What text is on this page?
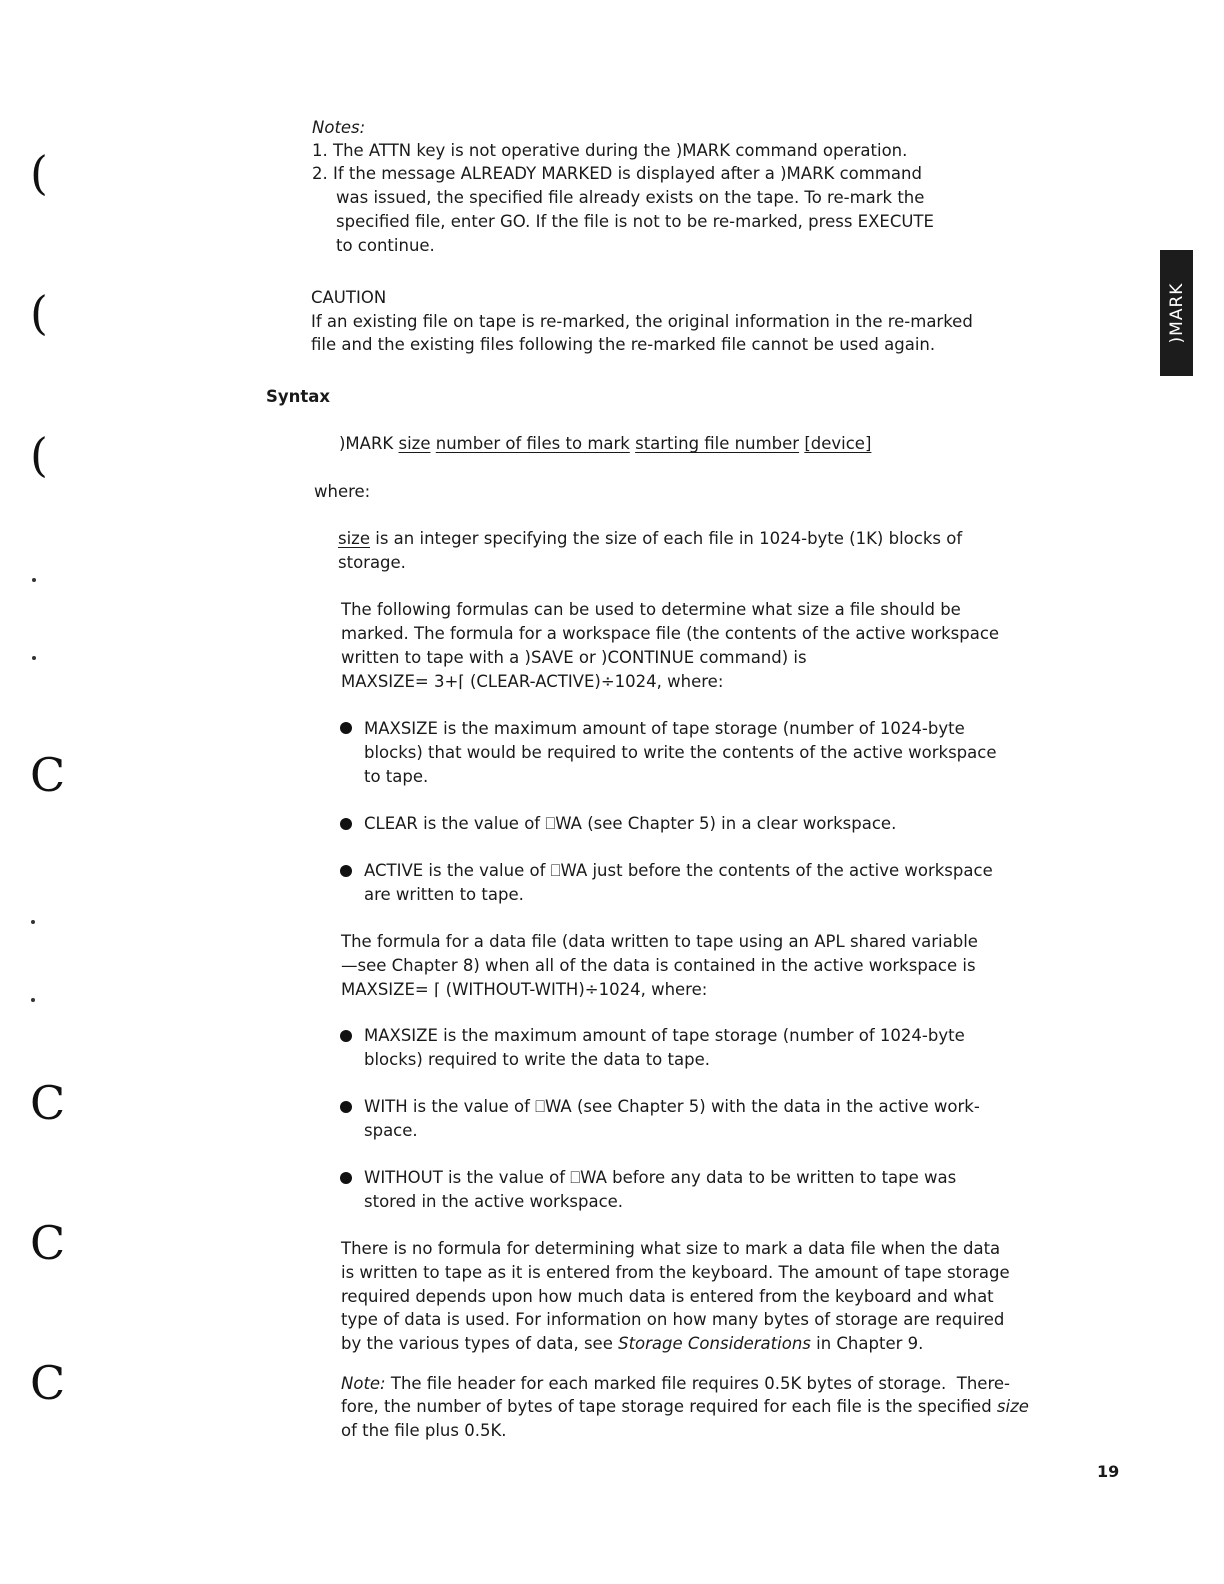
(
(
(
C
C
C
C
)MARK
Notes:
1. The ATTN key is not operative during the )MARK command operation.
2. If the message ALREADY MARKED is displayed after a )MARK command
was issued, the specified file already exists on the tape. To re-mark the
specified file, enter GO. If the file is not to be re-marked, press EXECUTE
to continue.
CAUTION
If an existing file on tape is re-marked, the original information in the re-marked
file and the existing files following the re-marked file cannot be used again.
Syntax
)MARK size number of files to mark starting file number [device]
where:
size is an integer specifying the size of each file in 1024-byte (1K) blocks of
storage.
The following formulas can be used to determine what size a file should be
marked. The formula for a workspace file (the contents of the active workspace
written to tape with a )SAVE or )CONTINUE command) is
MAXSIZE= 3+⌈ (CLEAR-ACTIVE)÷1024, where:
MAXSIZE is the maximum amount of tape storage (number of 1024-byte
blocks) that would be required to write the contents of the active workspace
to tape.
CLEAR is the value of ⎕WA (see Chapter 5) in a clear workspace.
ACTIVE is the value of ⎕WA just before the contents of the active workspace
are written to tape.
The formula for a data file (data written to tape using an APL shared variable
—see Chapter 8) when all of the data is contained in the active workspace is
MAXSIZE= ⌈ (WITHOUT-WITH)÷1024, where:
MAXSIZE is the maximum amount of tape storage (number of 1024-byte
blocks) required to write the data to tape.
WITH is the value of ⎕WA (see Chapter 5) with the data in the active work-
space.
WITHOUT is the value of ⎕WA before any data to be written to tape was
stored in the active workspace.
There is no formula for determining what size to mark a data file when the data
is written to tape as it is entered from the keyboard. The amount of tape storage
required depends upon how much data is entered from the keyboard and what
type of data is used. For information on how many bytes of storage are required
by the various types of data, see Storage Considerations in Chapter 9.
Note: The file header for each marked file requires 0.5K bytes of storage.  There-
fore, the number of bytes of tape storage required for each file is the specified size
of the file plus 0.5K.
19
